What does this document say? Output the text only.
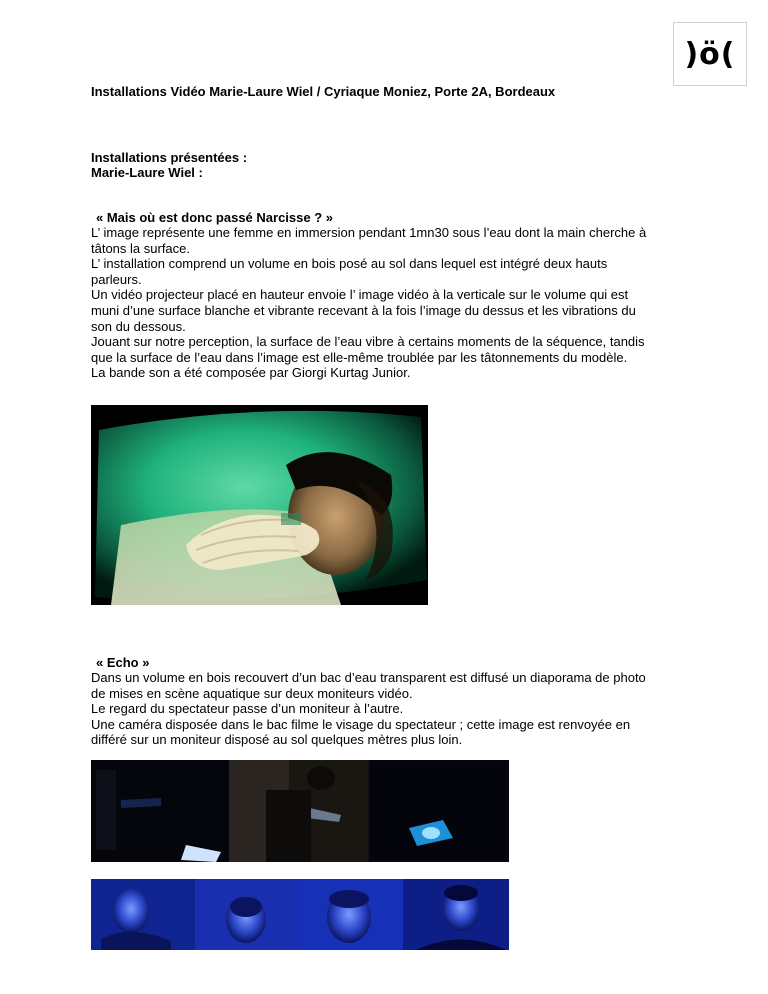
)ö(
Installations Vidéo Marie-Laure Wiel / Cyriaque Moniez, Porte 2A, Bordeaux
Installations présentées :
Marie-Laure Wiel :
« Mais où est donc passé Narcisse ? »
L’ image représente une femme en immersion pendant 1mn30 sous l’eau dont la main cherche à
tâtons la surface.
L’ installation comprend un volume en bois posé au sol dans lequel est intégré deux hauts
parleurs.
Un vidéo projecteur placé en hauteur envoie l’ image vidéo à la verticale sur le volume qui est
muni d’une surface blanche et vibrante recevant à la fois l’image du dessus et les vibrations du
son du dessous.
Jouant sur notre perception, la surface de l’eau vibre à certains moments de la séquence, tandis
que la surface de l’eau dans l’image est elle-même troublée par les tâtonnements du modèle.
La bande son a été composée par Giorgi Kurtag Junior.
« Echo »
Dans un volume en bois recouvert d’un bac d’eau transparent est diffusé un diaporama de photo
de mises en scène aquatique sur deux moniteurs vidéo.
Le regard du spectateur passe d’un moniteur à l’autre.
Une caméra disposée dans le bac filme le visage du spectateur ; cette image est renvoyée en
différé sur un moniteur disposé au sol quelques mètres plus loin.
